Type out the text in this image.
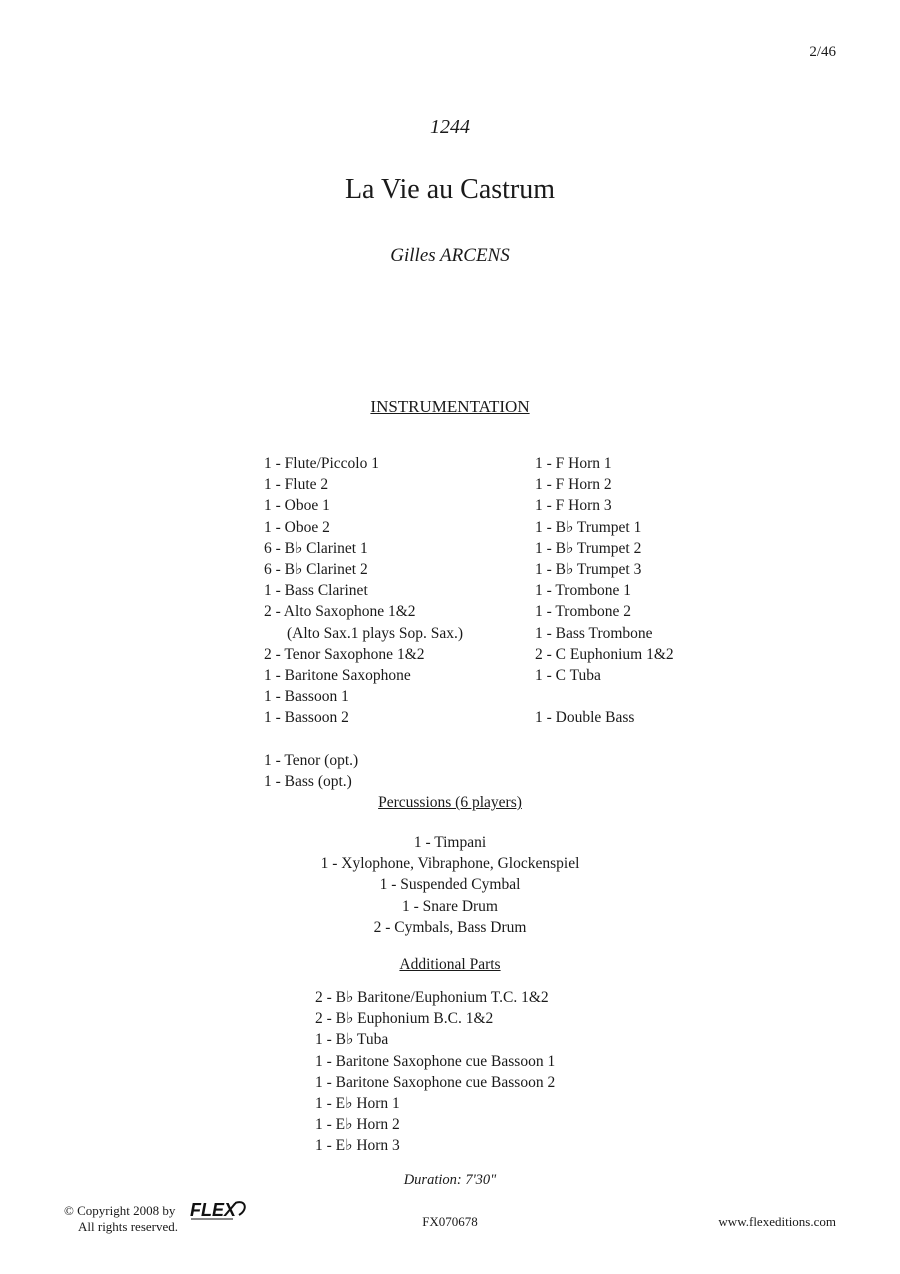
2/46
1244
La Vie au Castrum
Gilles ARCENS
INSTRUMENTATION
1 - Flute/Piccolo 1
1 - Flute 2
1 - Oboe 1
1 - Oboe 2
6 - B♭ Clarinet 1
6 - B♭ Clarinet 2
1 - Bass Clarinet
2 - Alto Saxophone 1&2
(Alto Sax.1 plays Sop. Sax.)
2 - Tenor Saxophone 1&2
1 - Baritone Saxophone
1 - Bassoon 1
1 - Bassoon 2
1 - F Horn 1
1 - F Horn 2
1 - F Horn 3
1 - B♭ Trumpet 1
1 - B♭ Trumpet 2
1 - B♭ Trumpet 3
1 - Trombone 1
1 - Trombone 2
1 - Bass Trombone
2 - C Euphonium 1&2
1 - C Tuba
1 - Double Bass
1 - Tenor (opt.)
1 - Bass (opt.)
Percussions (6 players)
1 - Timpani
1 - Xylophone, Vibraphone, Glockenspiel
1 - Suspended Cymbal
1 - Snare Drum
2 - Cymbals, Bass Drum
Additional Parts
2 - B♭ Baritone/Euphonium T.C. 1&2
2 - B♭ Euphonium B.C. 1&2
1 - B♭ Tuba
1 - Baritone Saxophone cue Bassoon 1
1 - Baritone Saxophone cue Bassoon 2
1 - E♭ Horn 1
1 - E♭ Horn 2
1 - E♭ Horn 3
Duration: 7'30"
© Copyright 2008 by
All rights reserved.
FLEX
FX070678	www.flexeditions.com
